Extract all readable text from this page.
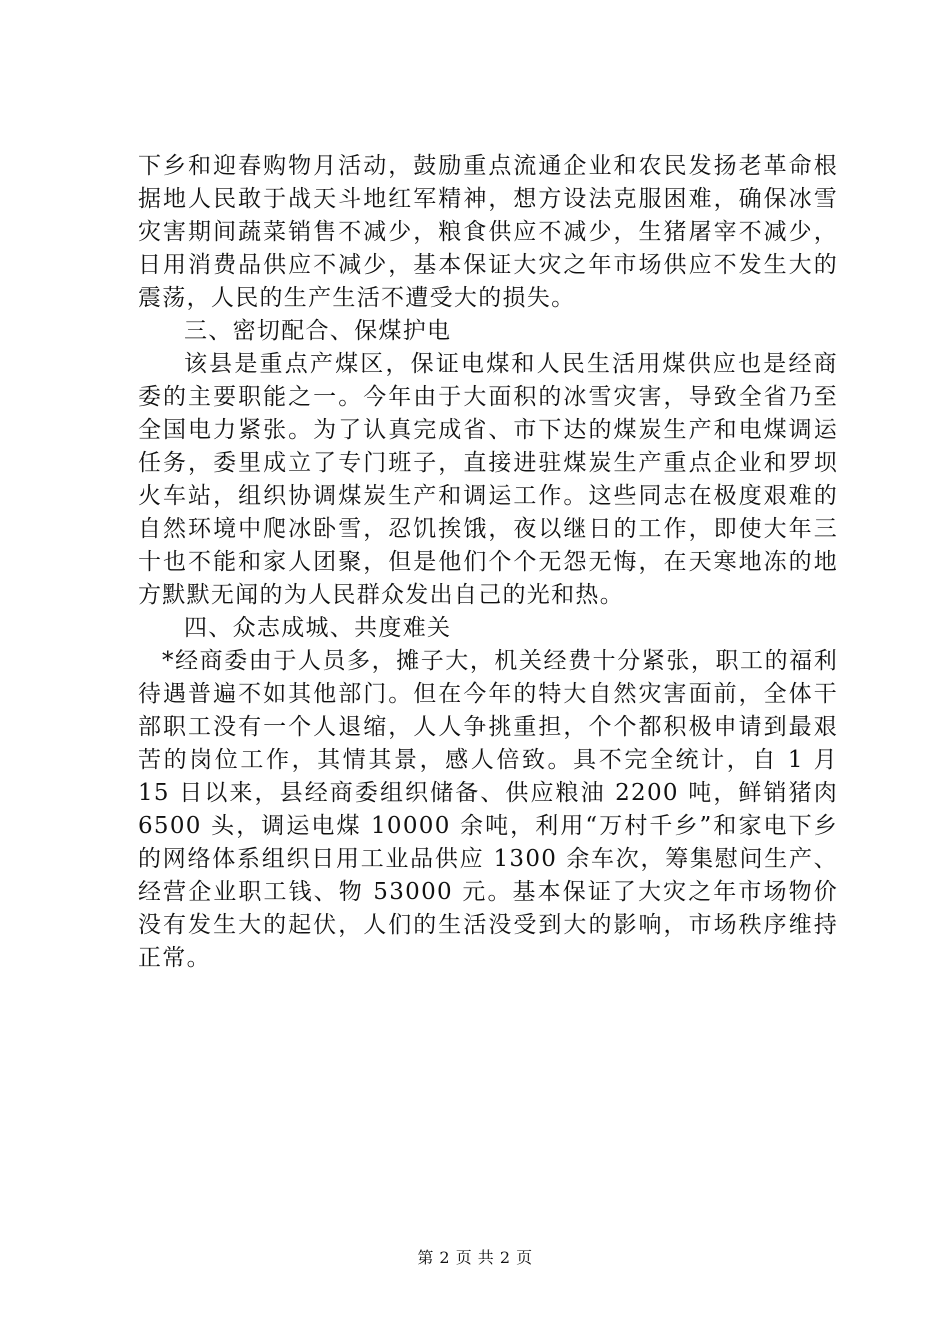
下乡和迎春购物月活动，鼓励重点流通企业和农民发扬老革命根据地人民敢于战天斗地红军精神，想方设法克服困难，确保冰雪灾害期间蔬菜销售不减少，粮食供应不减少，生猪屠宰不减少，日用消费品供应不减少，基本保证大灾之年市场供应不发生大的震荡，人民的生产生活不遭受大的损失。

三、密切配合、保煤护电

该县是重点产煤区，保证电煤和人民生活用煤供应也是经商委的主要职能之一。今年由于大面积的冰雪灾害，导致全省乃至全国电力紧张。为了认真完成省、市下达的煤炭生产和电煤调运任务，委里成立了专门班子，直接进驻煤炭生产重点企业和罗坝火车站，组织协调煤炭生产和调运工作。这些同志在极度艰难的自然环境中爬冰卧雪，忍饥挨饿，夜以继日的工作，即使大年三十也不能和家人团聚，但是他们个个无怨无悔，在天寒地冻的地方默默无闻的为人民群众发出自己的光和热。

四、众志成城、共度难关

*经商委由于人员多，摊子大，机关经费十分紧张，职工的福利待遇普遍不如其他部门。但在今年的特大自然灾害面前，全体干部职工没有一个人退缩，人人争挑重担，个个都积极申请到最艰苦的岗位工作，其情其景，感人倍致。具不完全统计，自 1 月 15 日以来，县经商委组织储备、供应粮油 2200 吨，鲜销猪肉 6500 头，调运电煤 10000 余吨，利用“万村千乡”和家电下乡的网络体系组织日用工业品供应 1300 余车次，筹集慰问生产、经营企业职工钱、物 53000 元。基本保证了大灾之年市场物价没有发生大的起伏，人们的生活没受到大的影响，市场秩序维持正常。

第 2 页 共 2 页
